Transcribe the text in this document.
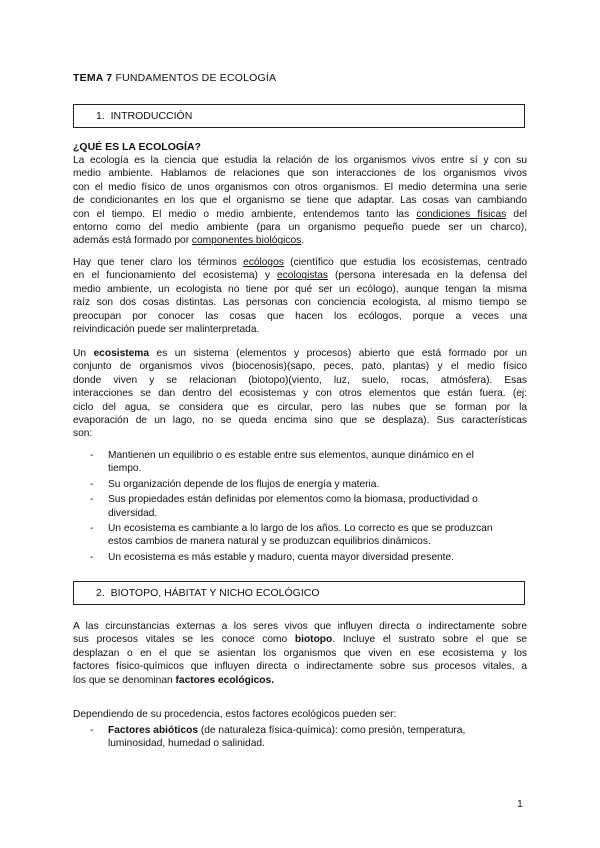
TEMA 7 FUNDAMENTOS DE ECOLOGÍA
1. INTRODUCCIÓN
¿QUÉ ES LA ECOLOGÍA?
La ecología es la ciencia que estudia la relación de los organismos vivos entre sí y con su
medio ambiente. Hablamos de relaciones que son interacciones de los organismos vivos
con el medio físico de unos organismos con otros organismos. El medio determina una serie
de condicionantes en los que el organismo se tiene que adaptar. Las cosas van cambiando
con el tiempo. El medio o medio ambiente, entendemos tanto las condiciones físicas del
entorno como del medio ambiente (para un organismo pequeño puede ser un charco),
además está formado por componentes biológicos.
Hay que tener claro los términos ecólogos (científico que estudia los ecosistemas, centrado
en el funcionamiento del ecosistema) y ecologistas (persona interesada en la defensa del
medio ambiente, un ecologista no tiene por qué ser un ecólogo), aunque tengan la misma
raíz son dos cosas distintas. Las personas con conciencia ecologista, al mismo tiempo se
preocupan por conocer las cosas que hacen los ecólogos, porque a veces una
reivindicación puede ser malinterpretada.
Un ecosistema es un sistema (elementos y procesos) abierto que está formado por un
conjunto de organismos vivos (biocenosis)(sapo, peces, pato, plantas) y el medio físico
donde viven y se relacionan (biotopo)(viento, luz, suelo, rocas, atmósfera). Esas
interacciones se dan dentro del ecosistemas y con otros elementos que están fuera. (ej:
ciclo del agua, se considera que es circular, pero las nubes que se forman por la
evaporación de un lago, no se queda encima sino que se desplaza). Sus características
son:
- Mantienen un equilibrio o es estable entre sus elementos, aunque dinámico en el
tiempo.
- Su organización depende de los flujos de energía y materia.
- Sus propiedades están definidas por elementos como la biomasa, productividad o
diversidad.
- Un ecosistema es cambiante a lo largo de los años. Lo correcto es que se produzcan
estos cambios de manera natural y se produzcan equilibrios dinámicos.
- Un ecosistema es más estable y maduro, cuenta mayor diversidad presente.
2. BIOTOPO, HÁBITAT Y NICHO ECOLÓGICO
A las circunstancias externas a los seres vivos que influyen directa o indirectamente sobre
sus procesos vitales se les conoce como biotopo. Incluye el sustrato sobre el que se
desplazan o en el que se asientan los organismos que viven en ese ecosistema y los
factores físico-químicos que influyen directa o indirectamente sobre sus procesos vitales, a
los que se denominan factores ecológicos.
Dependiendo de su procedencia, estos factores ecológicos pueden ser:
- Factores abióticos (de naturaleza física-química): como presión, temperatura,
luminosidad, humedad o salinidad.
1
